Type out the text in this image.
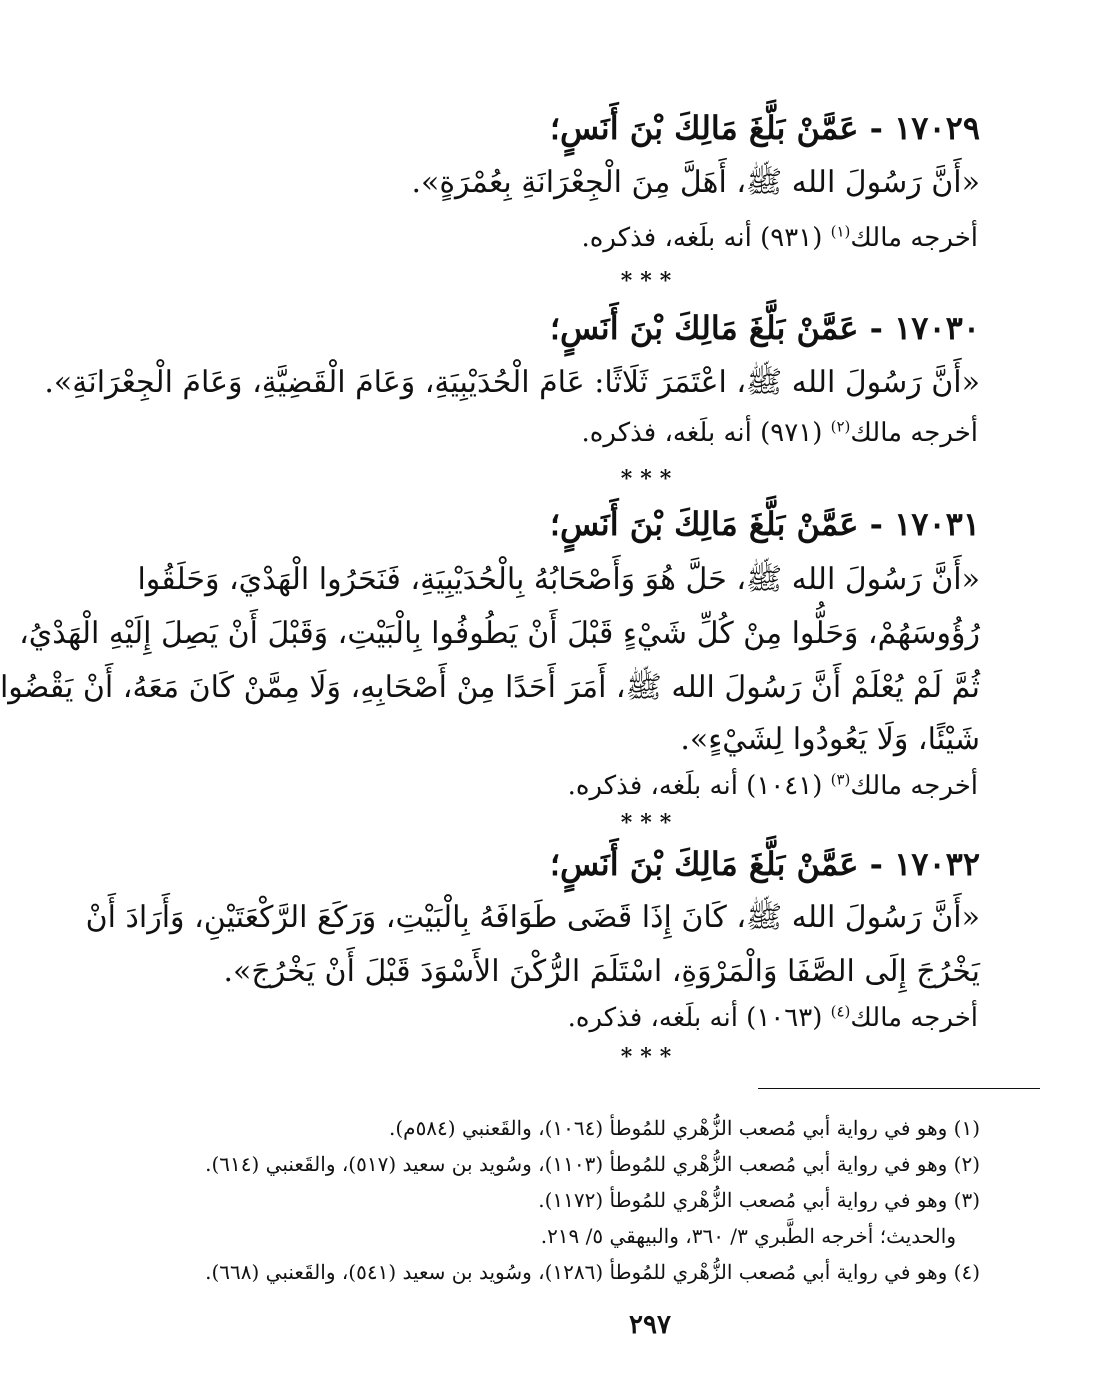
١٧٠٢٩ - عَمَّنْ بَلَّغَ مَالِكَ بْنَ أَنَسٍ؛
«أَنَّ رَسُولَ الله ﷺ، أَهَلَّ مِنَ الْجِعْرَانَةِ بِعُمْرَةٍ».
أخرجه مالك$^{(١)}$ (٩٣١) أنه بلَغه، فذكره.
***
١٧٠٣٠ - عَمَّنْ بَلَّغَ مَالِكَ بْنَ أَنَسٍ؛
«أَنَّ رَسُولَ الله ﷺ، اعْتَمَرَ ثَلَاثًا: عَامَ الْحُدَيْبِيَةِ، وَعَامَ الْقَضِيَّةِ، وَعَامَ الْجِعْرَانَةِ».
أخرجه مالك$^{(٢)}$ (٩٧١) أنه بلَغه، فذكره.
***
١٧٠٣١ - عَمَّنْ بَلَّغَ مَالِكَ بْنَ أَنَسٍ؛
«أَنَّ رَسُولَ الله ﷺ، حَلَّ هُوَ وَأَصْحَابُهُ بِالْحُدَيْبِيَةِ، فَنَحَرُوا الْهَدْيَ، وَحَلَقُوا
رُؤُوسَهُمْ، وَحَلُّوا مِنْ كُلِّ شَيْءٍ قَبْلَ أَنْ يَطُوفُوا بِالْبَيْتِ، وَقَبْلَ أَنْ يَصِلَ إِلَيْهِ الْهَدْيُ،
ثُمَّ لَمْ يُعْلَمْ أَنَّ رَسُولَ الله ﷺ، أَمَرَ أَحَدًا مِنْ أَصْحَابِهِ، وَلَا مِمَّنْ كَانَ مَعَهُ، أَنْ يَقْضُوا
شَيْئًا، وَلَا يَعُودُوا لِشَيْءٍ».
أخرجه مالك$^{(٣)}$ (١٠٤١) أنه بلَغه، فذكره.
***
١٧٠٣٢ - عَمَّنْ بَلَّغَ مَالِكَ بْنَ أَنَسٍ؛
«أَنَّ رَسُولَ الله ﷺ، كَانَ إِذَا قَضَى طَوَافَهُ بِالْبَيْتِ، وَرَكَعَ الرَّكْعَتَيْنِ، وَأَرَادَ أَنْ
يَخْرُجَ إِلَى الصَّفَا وَالْمَرْوَةِ، اسْتَلَمَ الرُّكْنَ الأَسْوَدَ قَبْلَ أَنْ يَخْرُجَ».
أخرجه مالك$^{(٤)}$ (١٠٦٣) أنه بلَغه، فذكره.
***
(١) وهو في رواية أبي مُصعب الزُّهْري للمُوطأ (١٠٦٤)، والقَعنبي (٥٨٤م).
(٢) وهو في رواية أبي مُصعب الزُّهْري للمُوطأ (١١٠٣)، وسُويد بن سعيد (٥١٧)، والقَعنبي (٦١٤).
(٣) وهو في رواية أبي مُصعب الزُّهْري للمُوطأ (١١٧٢).
والحديث؛ أخرجه الطَّبري ٣/ ٣٦٠، والبيهقي ٥/ ٢١٩.
(٤) وهو في رواية أبي مُصعب الزُّهْري للمُوطأ (١٢٨٦)، وسُويد بن سعيد (٥٤١)، والقَعنبي (٦٦٨).
٢٩٧
